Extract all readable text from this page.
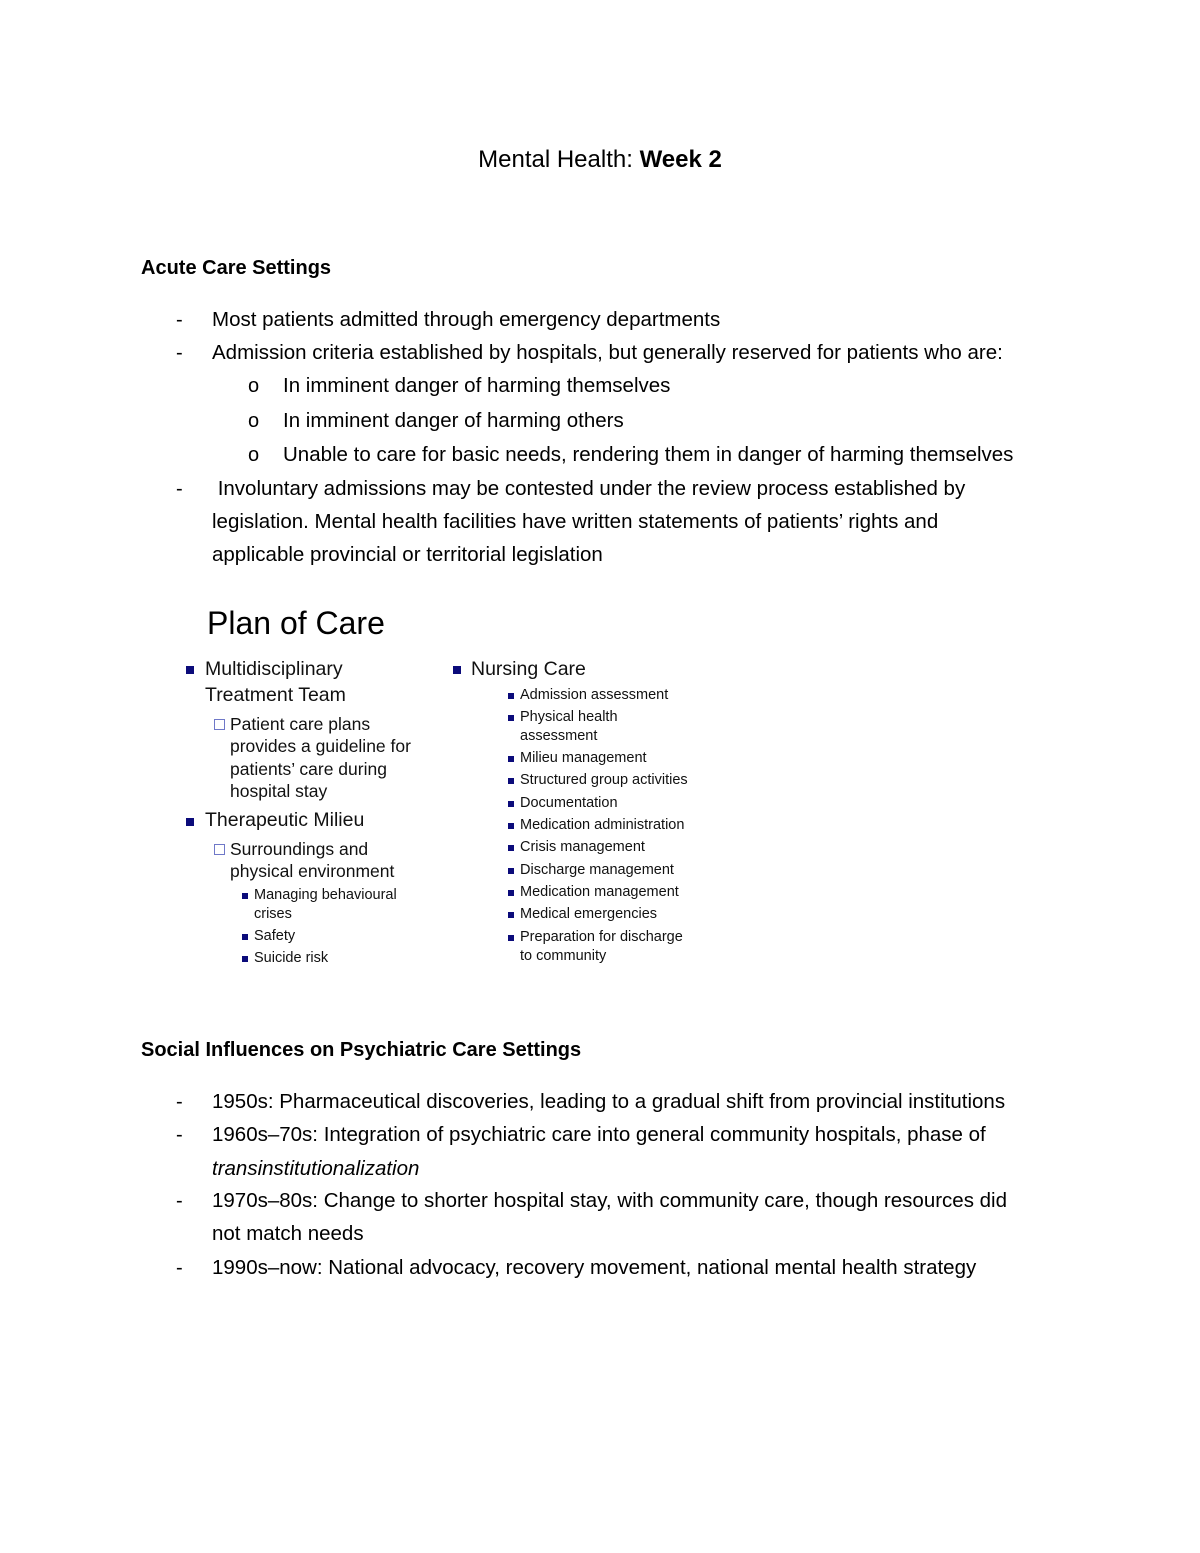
Mental Health: Week 2
Acute Care Settings
- Most patients admitted through emergency departments
- Admission criteria established by hospitals, but generally reserved for patients who are:
o In imminent danger of harming themselves
o In imminent danger of harming others
o Unable to care for basic needs, rendering them in danger of harming themselves
- Involuntary admissions may be contested under the review process established by
legislation. Mental health facilities have written statements of patients’ rights and
applicable provincial or territorial legislation
Plan of Care
Multidisciplinary
Treatment Team
Patient care plans
provides a guideline for
patients’ care during
hospital stay
Therapeutic Milieu
Surroundings and
physical environment
Managing behavioural
crises
Safety
Suicide risk
Nursing Care
Admission assessment
Physical health
assessment
Milieu management
Structured group activities
Documentation
Medication administration
Crisis management
Discharge management
Medication management
Medical emergencies
Preparation for discharge
to community
Social Influences on Psychiatric Care Settings
- 1950s: Pharmaceutical discoveries, leading to a gradual shift from provincial institutions
- 1960s–70s: Integration of psychiatric care into general community hospitals, phase of
transinstitutionalization
- 1970s–80s: Change to shorter hospital stay, with community care, though resources did
not match needs
- 1990s–now: National advocacy, recovery movement, national mental health strategy
